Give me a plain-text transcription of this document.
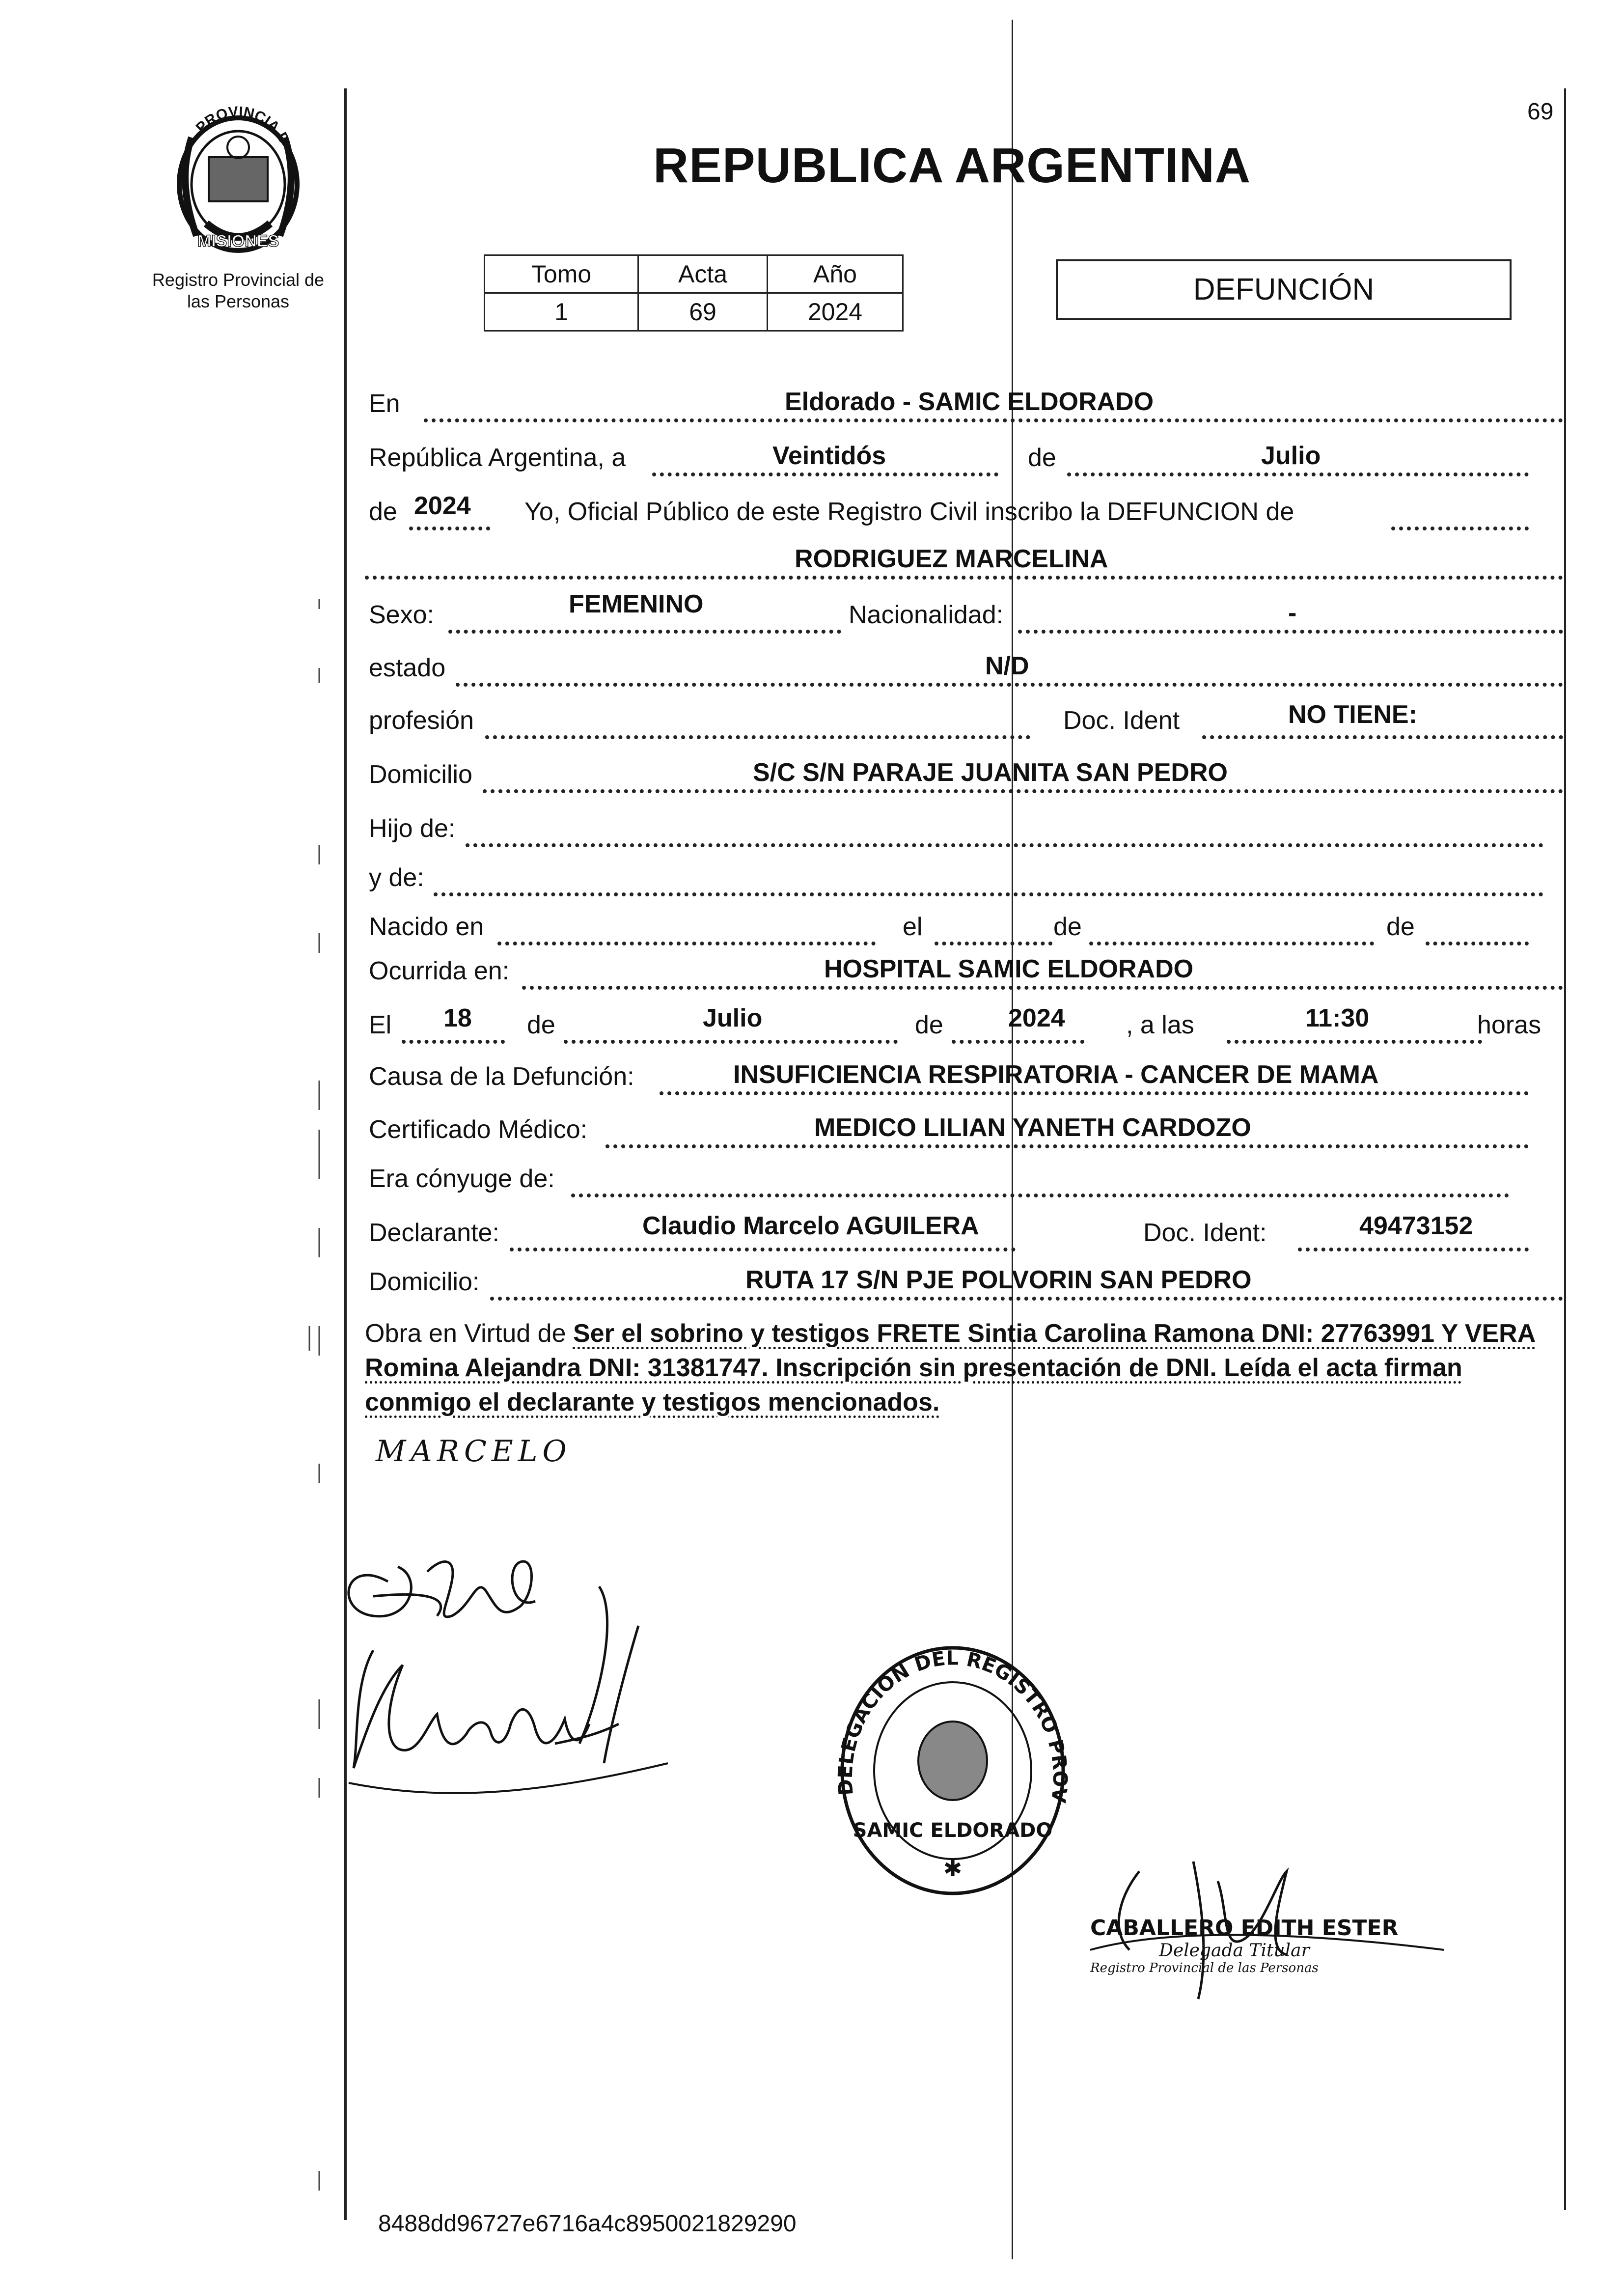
69
PROVINCIA D
MISIONES
Registro Provincial de
las Personas
REPUBLICA ARGENTINA
Tomo	Acta	Año
1	69	2024
DEFUNCIÓN
En	Eldorado - SAMIC ELDORADO
República Argentina, a	Veintidós	de	Julio
de 2024 Yo, Oficial Público de este Registro Civil inscribo la DEFUNCION de
RODRIGUEZ MARCELINA
Sexo:	FEMENINO	Nacionalidad:	-
estado	N/D
profesión	Doc. Ident	NO TIENE:
Domicilio	S/C S/N PARAJE JUANITA SAN PEDRO
Hijo de:
y de:
Nacido en	el	de	de
Ocurrida en:	HOSPITAL SAMIC ELDORADO
El 18 de	Julio	de	2024 , a las	11:30	horas
Causa de la Defunción:	INSUFICIENCIA RESPIRATORIA - CANCER DE MAMA
Certificado Médico:	MEDICO LILIAN YANETH CARDOZO
Era cónyuge de:
Declarante:	Claudio Marcelo AGUILERA	Doc. Ident:	49473152
Domicilio:	RUTA 17 S/N PJE POLVORIN SAN PEDRO
Obra en Virtud de Ser el sobrino y testigos FRETE Sintia Carolina Ramona DNI: 27763991 Y VERA Romina Alejandra DNI: 31381747. Inscripción sin presentación de DNI. Leída el acta firman conmigo el declarante y testigos mencionados.
MARCELO
DELEGACION DEL REGISTRO PROV
SAMIC ELDORADO
✱
CABALLERO EDITH ESTER
Delegada Titular
Registro Provincial de las Personas
8488dd96727e6716a4c8950021829290
